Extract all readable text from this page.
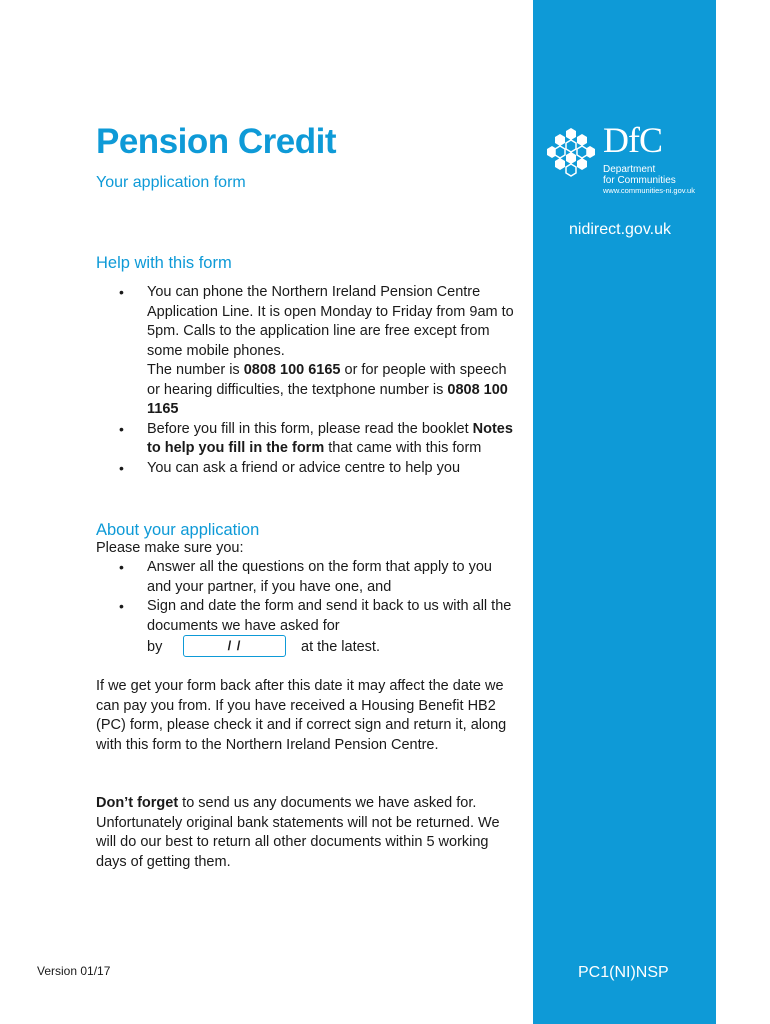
DfC
Department
for Communities
www.communities-ni.gov.uk
nidirect.gov.uk
PC1(NI)NSP
Pension Credit
Your application form
Help with this form

• You can phone the Northern Ireland Pension Centre Application Line. It is open Monday to Friday from 9am to 5pm. Calls to the application line are free except from some mobile phones.

The number is 0808 100 6165 or for people with speech or hearing difficulties, the textphone number is 0808 100 1165

• Before you fill in this form, please read the booklet Notes to help you fill in the form that came with this form

• You can ask a friend or advice centre to help you

About your application

Please make sure you:

• Answer all the questions on the form that apply to you and your partner, if you have one, and
• Sign and date the form and send it back to us with all the documents we have asked for
by	/ /	at the latest.

If we get your form back after this date it may affect the date we can pay you from. If you have received a Housing Benefit HB2 (PC) form, please check it and if correct sign and return it, along with this form to the Northern Ireland Pension Centre.

Don’t forget to send us any documents we have asked for. Unfortunately original bank statements will not be returned. We will do our best to return all other documents within 5 working days of getting them.

Version 01/17
